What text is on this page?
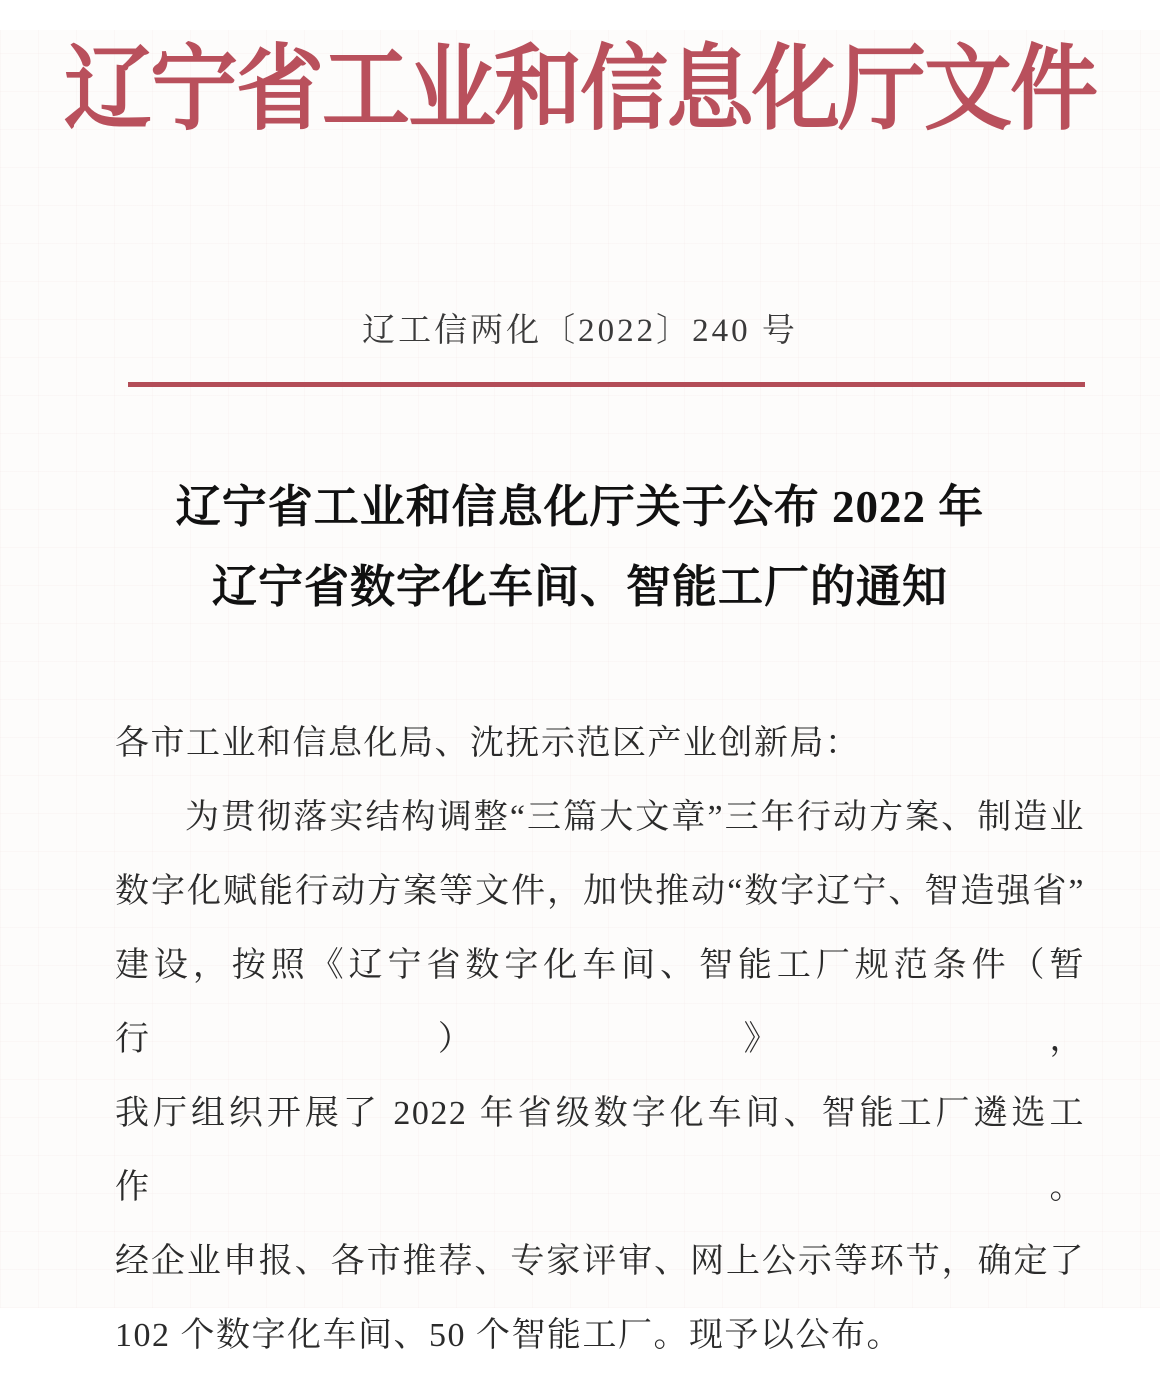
辽宁省工业和信息化厅文件
辽工信两化〔2022〕240 号
辽宁省工业和信息化厅关于公布 2022 年
辽宁省数字化车间、智能工厂的通知
各市工业和信息化局、沈抚示范区产业创新局：
为贯彻落实结构调整“三篇大文章”三年行动方案、制造业
数字化赋能行动方案等文件，加快推动“数字辽宁、智造强省”
建设，按照《辽宁省数字化车间、智能工厂规范条件（暂行）》，
我厅组织开展了 2022 年省级数字化车间、智能工厂遴选工作。
经企业申报、各市推荐、专家评审、网上公示等环节，确定了
102 个数字化车间、50 个智能工厂。现予以公布。
